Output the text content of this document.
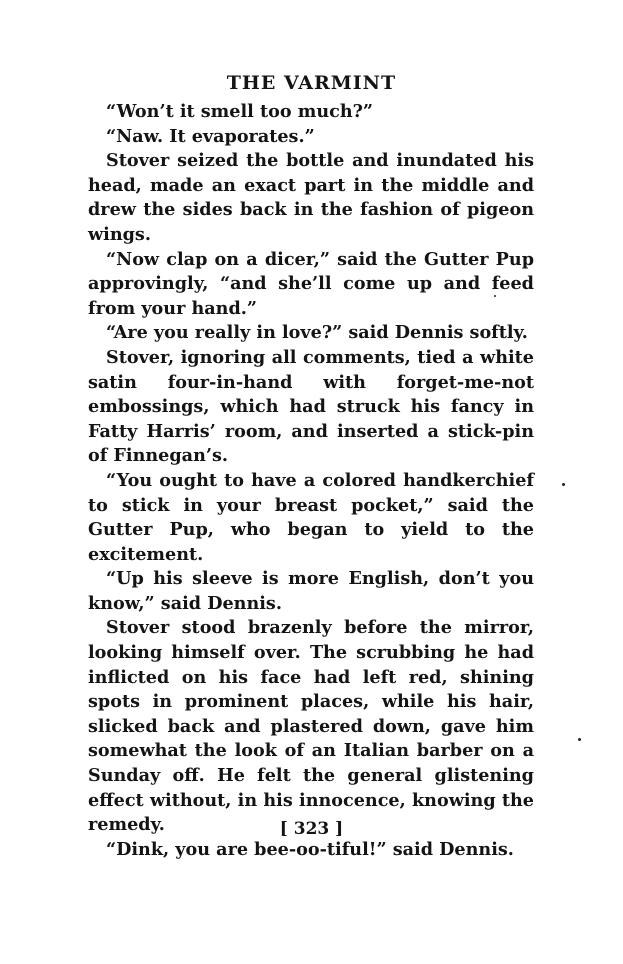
THE VARMINT

“Won’t it smell too much?”

“Naw. It evaporates.”

Stover seized the bottle and inundated his head, made an exact part in the middle and drew the sides back in the fashion of pigeon wings.

“Now clap on a dicer,” said the Gutter Pup approvingly, “and she’ll come up and feed from your hand.”

“Are you really in love?” said Dennis softly.

Stover, ignoring all comments, tied a white satin four-in-hand with forget-me-not embossings, which had struck his fancy in Fatty Harris’ room, and inserted a stick-pin of Finnegan’s.

“You ought to have a colored handkerchief to stick in your breast pocket,” said the Gutter Pup, who began to yield to the excitement.

“Up his sleeve is more English, don’t you know,” said Dennis.

Stover stood brazenly before the mirror, looking himself over. The scrubbing he had inflicted on his face had left red, shining spots in prominent places, while his hair, slicked back and plastered down, gave him somewhat the look of an Italian barber on a Sunday off. He felt the general glistening effect without, in his innocence, knowing the remedy.

“Dink, you are bee-oo-tiful!” said Dennis.

[ 323 ]
